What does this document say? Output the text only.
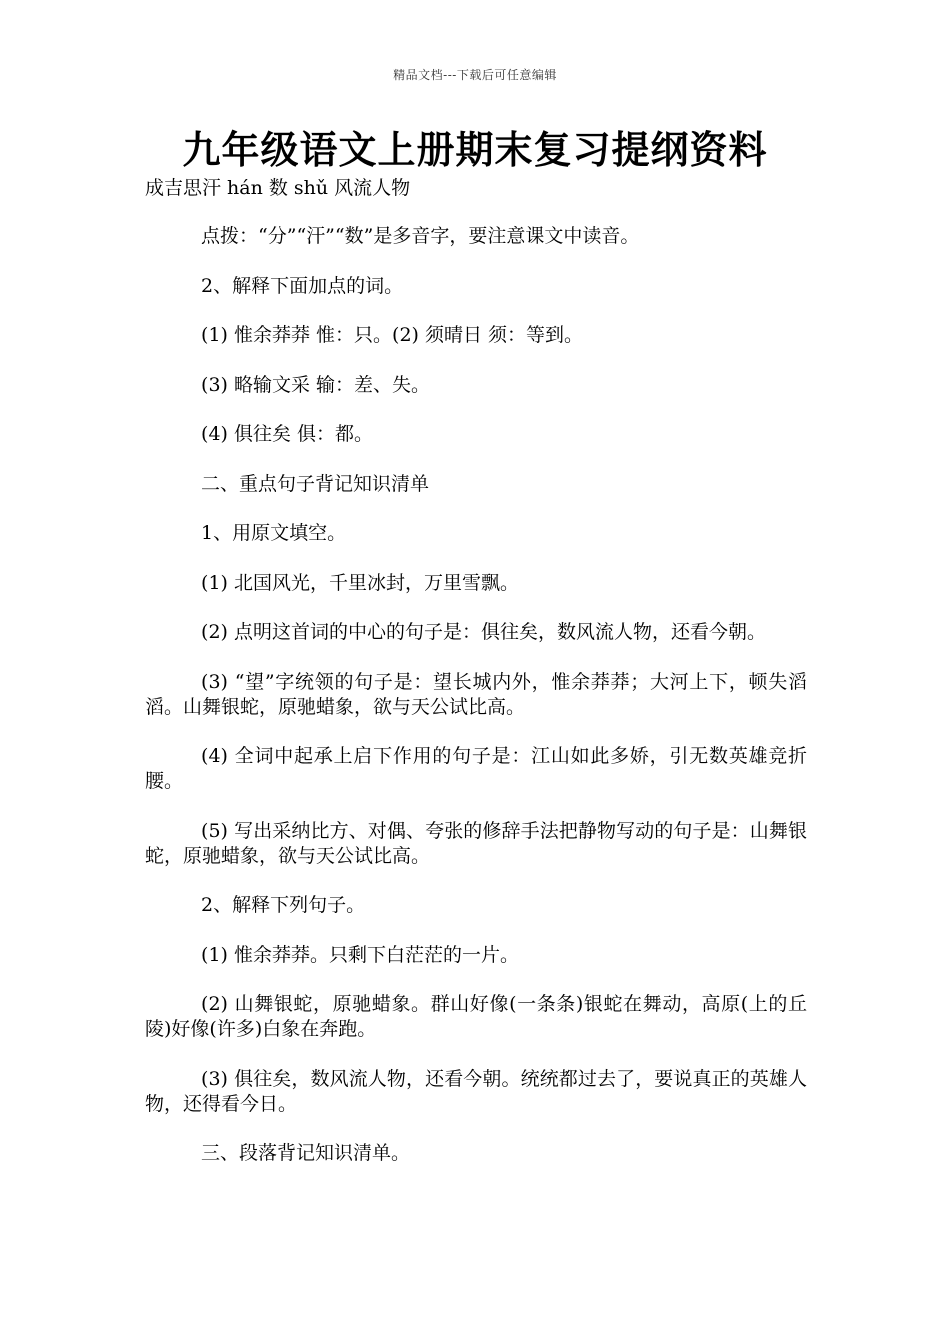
精品文档---下载后可任意编辑
九年级语文上册期末复习提纲资料
成吉思汗 hán 数 shǔ 风流人物

点拨：“分”“汗”“数”是多音字，要注意课文中读音。

2、解释下面加点的词。

(1) 惟余莽莽 惟：只。(2) 须晴日 须：等到。

(3) 略输文采 输：差、失。

(4) 俱往矣 俱：都。

二、重点句子背记知识清单

1、用原文填空。

(1) 北国风光，千里冰封，万里雪飘。

(2) 点明这首词的中心的句子是：俱往矣，数风流人物，还看今朝。

(3) “望”字统领的句子是：望长城内外，惟余莽莽；大河上下，顿失滔滔。山舞银蛇，原驰蜡象，欲与天公试比高。

(4) 全词中起承上启下作用的句子是：江山如此多娇，引无数英雄竞折腰。

(5) 写出采纳比方、对偶、夸张的修辞手法把静物写动的句子是：山舞银蛇，原驰蜡象，欲与天公试比高。

2、解释下列句子。

(1) 惟余莽莽。只剩下白茫茫的一片。

(2) 山舞银蛇，原驰蜡象。群山好像(一条条)银蛇在舞动，高原(上的丘陵)好像(许多)白象在奔跑。

(3) 俱往矣，数风流人物，还看今朝。统统都过去了，要说真正的英雄人物，还得看今日。

三、段落背记知识清单。
